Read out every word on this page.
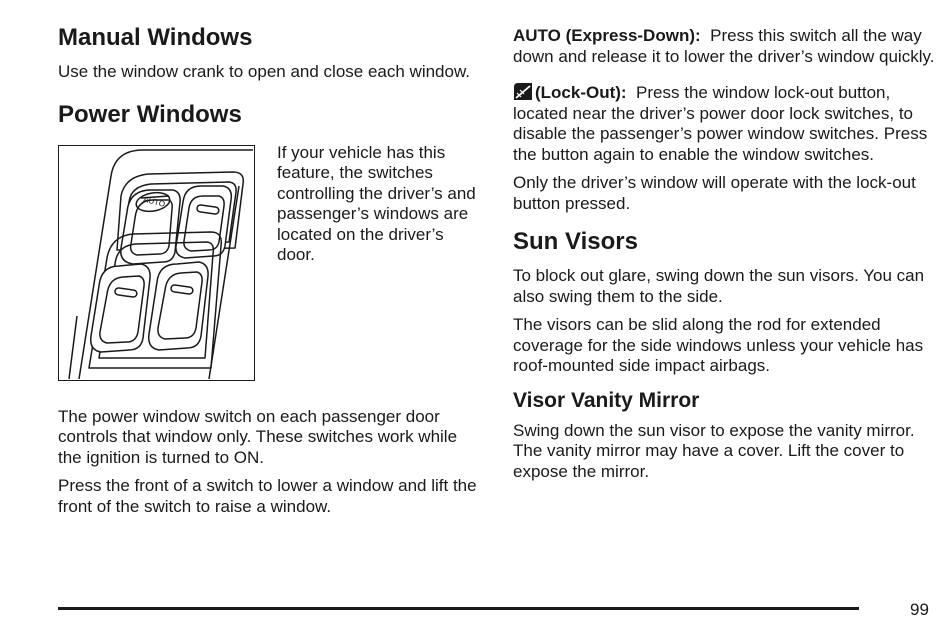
Manual Windows

Use the window crank to open and close each window.

Power Windows
AUTO

If your vehicle has this feature, the switches controlling the driver’s and passenger’s windows are located on the driver’s door.

The power window switch on each passenger door controls that window only. These switches work while the ignition is turned to ON.

Press the front of a switch to lower a window and lift the front of the switch to raise a window.

AUTO (Express-Down): Press this switch all the way down and release it to lower the driver’s window quickly.

(Lock-Out): Press the window lock-out button, located near the driver’s power door lock switches, to disable the passenger’s power window switches. Press the button again to enable the window switches.

Only the driver’s window will operate with the lock-out button pressed.

Sun Visors

To block out glare, swing down the sun visors. You can also swing them to the side.

The visors can be slid along the rod for extended coverage for the side windows unless your vehicle has roof-mounted side impact airbags.

Visor Vanity Mirror

Swing down the sun visor to expose the vanity mirror. The vanity mirror may have a cover. Lift the cover to expose the mirror.

99
